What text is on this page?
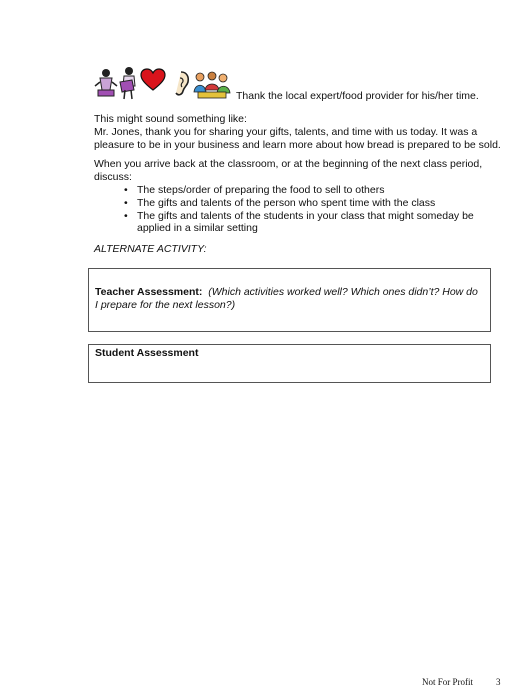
Thank the local expert/food provider for his/her time.
This might sound something like:
Mr. Jones, thank you for sharing your gifts, talents, and time with us today. It was a
pleasure to be in your business and learn more about how bread is prepared to be sold.
When you arrive back at the classroom, or at the beginning of the next class period,
discuss:
• The steps/order of preparing the food to sell to others
• The gifts and talents of the person who spent time with the class
• The gifts and talents of the students in your class that might someday be applied in a similar setting
ALTERNATE ACTIVITY:
Teacher Assessment: (Which activities worked well? Which ones didn’t? How do I prepare for the next lesson?)
Student Assessment
Not For Profit	3
